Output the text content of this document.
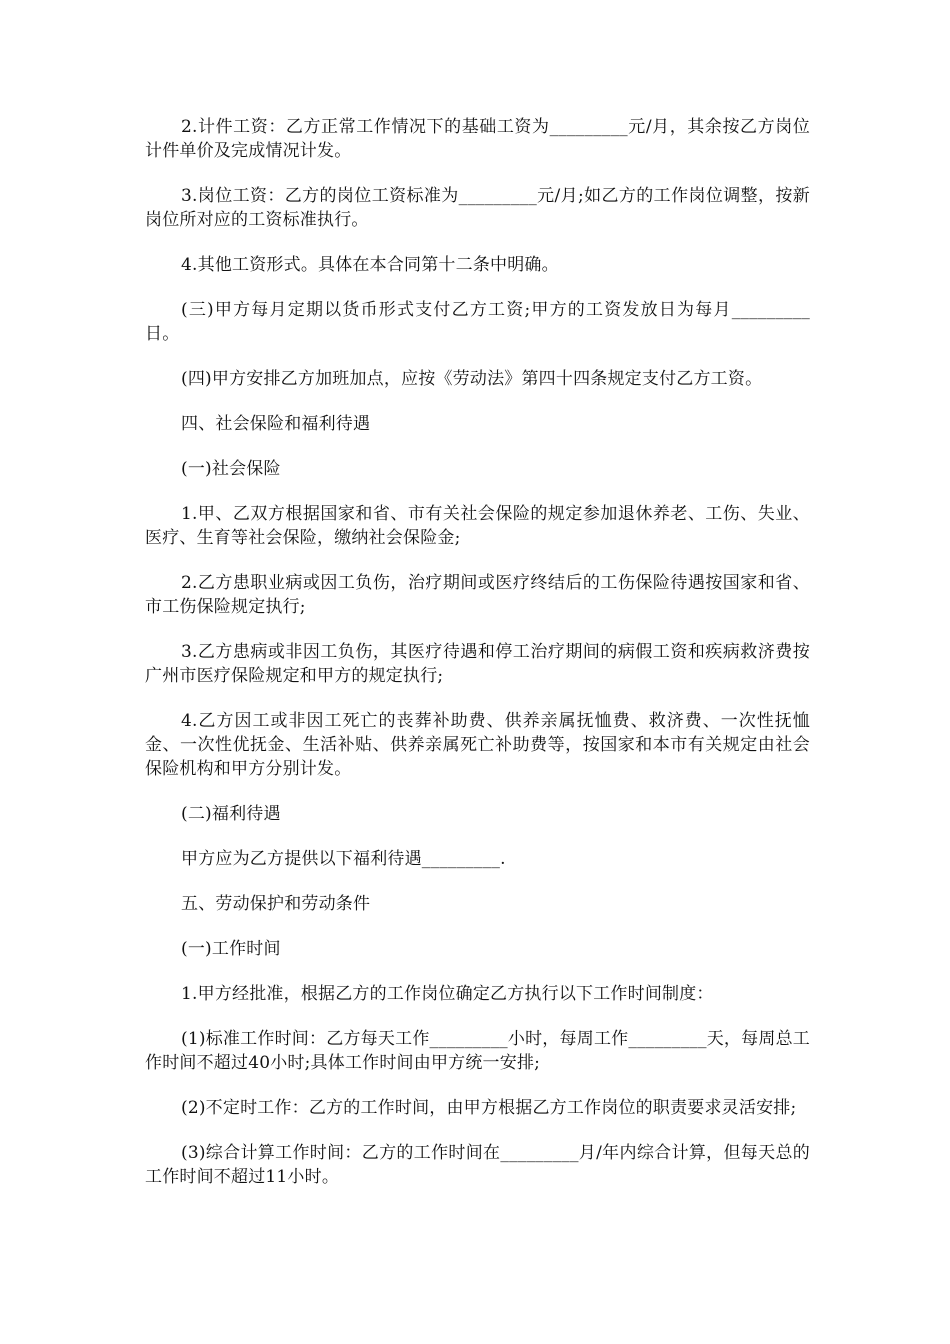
2.计件工资：乙方正常工作情况下的基础工资为_________元/月，其余按乙方岗位计件单价及完成情况计发。

3.岗位工资：乙方的岗位工资标准为_________元/月;如乙方的工作岗位调整，按新岗位所对应的工资标准执行。

4.其他工资形式。具体在本合同第十二条中明确。

(三)甲方每月定期以货币形式支付乙方工资;甲方的工资发放日为每月_________日。

(四)甲方安排乙方加班加点，应按《劳动法》第四十四条规定支付乙方工资。

四、社会保险和福利待遇

(一)社会保险

1.甲、乙双方根据国家和省、市有关社会保险的规定参加退休养老、工伤、失业、医疗、生育等社会保险，缴纳社会保险金;

2.乙方患职业病或因工负伤，治疗期间或医疗终结后的工伤保险待遇按国家和省、市工伤保险规定执行;

3.乙方患病或非因工负伤，其医疗待遇和停工治疗期间的病假工资和疾病救济费按广州市医疗保险规定和甲方的规定执行;

4.乙方因工或非因工死亡的丧葬补助费、供养亲属抚恤费、救济费、一次性抚恤金、一次性优抚金、生活补贴、供养亲属死亡补助费等，按国家和本市有关规定由社会保险机构和甲方分别计发。

(二)福利待遇

甲方应为乙方提供以下福利待遇_________.

五、劳动保护和劳动条件

(一)工作时间

1.甲方经批准，根据乙方的工作岗位确定乙方执行以下工作时间制度：

(1)标准工作时间：乙方每天工作_________小时，每周工作_________天，每周总工作时间不超过40小时;具体工作时间由甲方统一安排;

(2)不定时工作：乙方的工作时间，由甲方根据乙方工作岗位的职责要求灵活安排;

(3)综合计算工作时间：乙方的工作时间在_________月/年内综合计算，但每天总的工作时间不超过11小时。
